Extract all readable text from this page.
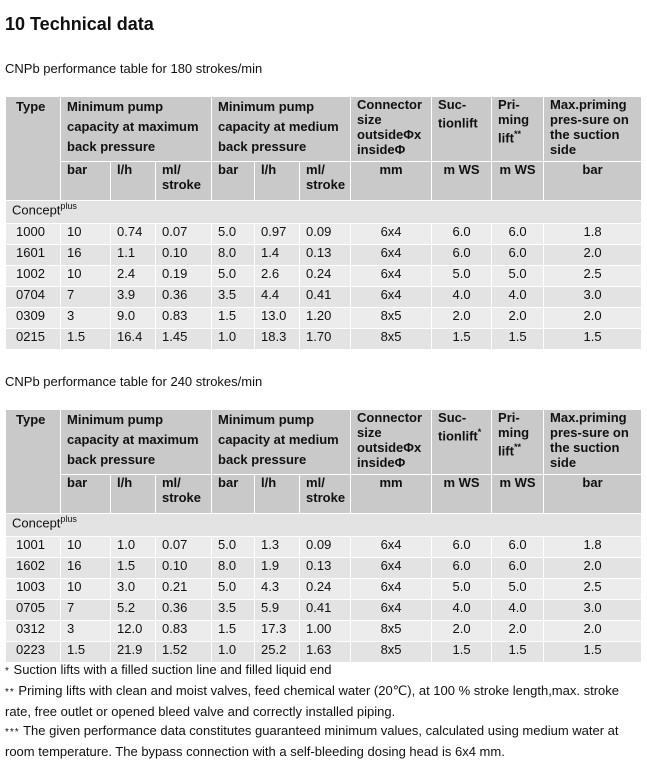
10 Technical data

CNPb performance table for 180 strokes/min

Type	Minimum pump capacity at maximum back pressure			Minimum pump capacity at medium back pressure			Connector size outsideΦx insideΦ	Suc-tionlift	Pri-ming lift**	Max.priming pres-sure on the suction side
	bar	l/h	ml/ stroke	bar	l/h	ml/ stroke	mm	m WS	m WS	bar
Concept$^{plus}$
1000	10	0.74	0.07	5.0	0.97	0.09	6x4	6.0	6.0	1.8
1601	16	1.1	0.10	8.0	1.4	0.13	6x4	6.0	6.0	2.0
1002	10	2.4	0.19	5.0	2.6	0.24	6x4	5.0	5.0	2.5
0704	7	3.9	0.36	3.5	4.4	0.41	6x4	4.0	4.0	3.0
0309	3	9.0	0.83	1.5	13.0	1.20	8x5	2.0	2.0	2.0
0215	1.5	16.4	1.45	1.0	18.3	1.70	8x5	1.5	1.5	1.5

CNPb performance table for 240 strokes/min

Type	Minimum pump capacity at maximum back pressure			Minimum pump capacity at medium back pressure			Connector size outsideΦx insideΦ	Suc-tionlift*	Pri-ming lift**	Max.priming pres-sure on the suction side
	bar	l/h	ml/ stroke	bar	l/h	ml/ stroke	mm	m WS	m WS	bar
Concept$^{plus}$
1001	10	1.0	0.07	5.0	1.3	0.09	6x4	6.0	6.0	1.8
1602	16	1.5	0.10	8.0	1.9	0.13	6x4	6.0	6.0	2.0
1003	10	3.0	0.21	5.0	4.3	0.24	6x4	5.0	5.0	2.5
0705	7	5.2	0.36	3.5	5.9	0.41	6x4	4.0	4.0	3.0
0312	3	12.0	0.83	1.5	17.3	1.00	8x5	2.0	2.0	2.0
0223	1.5	21.9	1.52	1.0	25.2	1.63	8x5	1.5	1.5	1.5

* Suction lifts with a filled suction line and filled liquid end

** Priming lifts with clean and moist valves, feed chemical water (20℃), at 100 % stroke length,max. stroke rate, free outlet or opened bleed valve and correctly installed piping.

*** The given performance data constitutes guaranteed minimum values, calculated using medium water at room temperature. The bypass connection with a self-bleeding dosing head is 6x4 mm.
